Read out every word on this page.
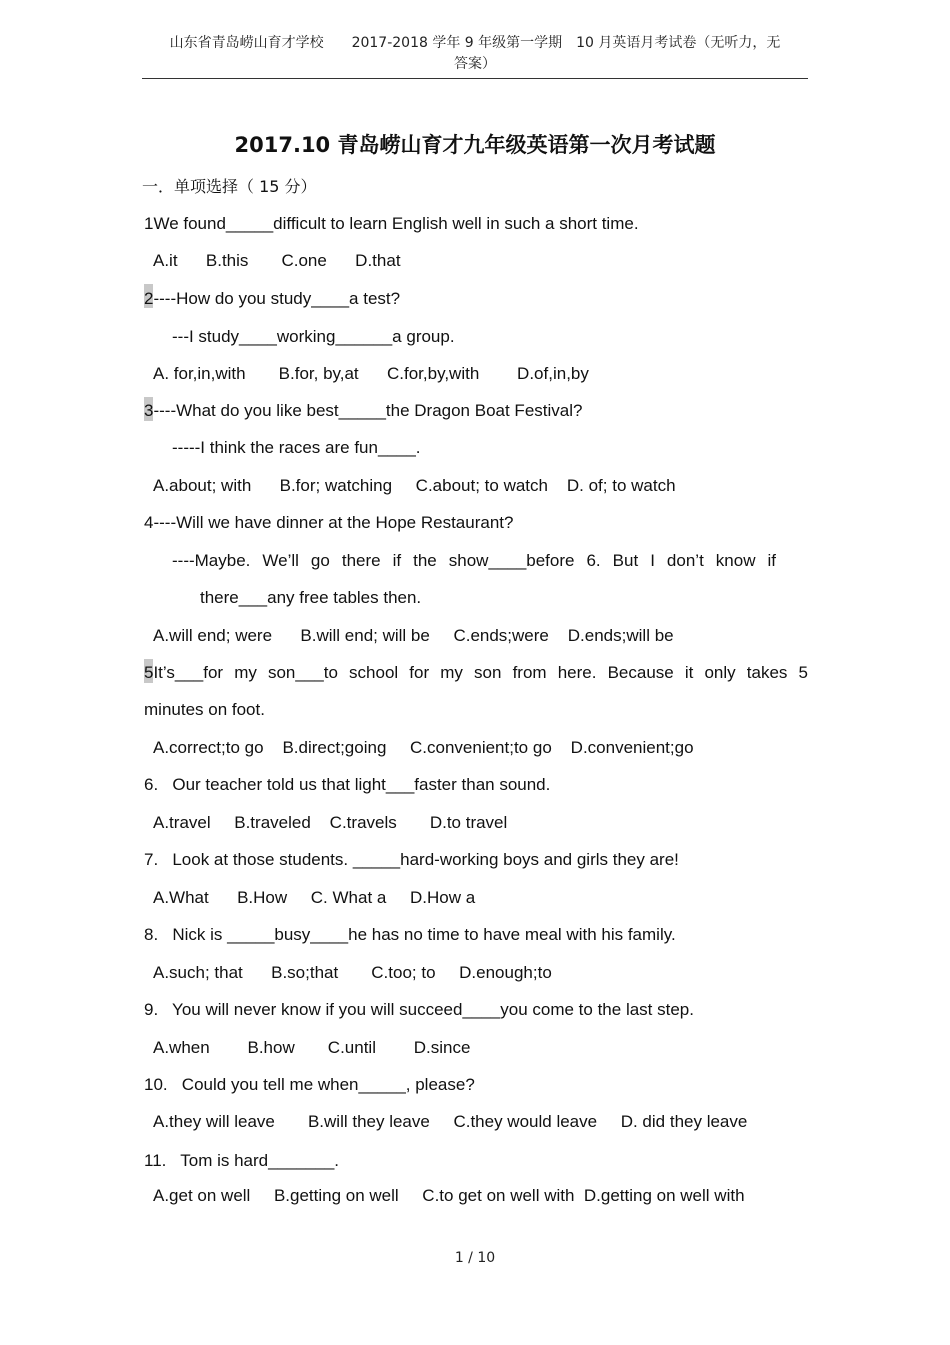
山东省青岛崂山育才学校　　2017-2018 学年 9 年级第一学期　10 月英语月考试卷（无听力，无
答案）
2017.10 青岛崂山育才九年级英语第一次月考试题
一．单项选择（ 15 分）
1We found_____difficult to learn English well in such a short time.
A.it      B.this       C.one      D.that
2----How do you study____a test?
---I study____working______a group.
A. for,in,with       B.for, by,at      C.for,by,with        D.of,in,by
3----What do you like best_____the Dragon Boat Festival?
-----I think the races are fun____.
A.about; with      B.for; watching     C.about; to watch    D. of; to watch
4----Will we have dinner at the Hope Restaurant?
----Maybe. We’ll go there if the show____before 6. But I don’t know if
there___any free tables then.
A.will end; were      B.will end; will be     C.ends;were    D.ends;will be
5It’s___for my son___to school for my son from here. Because it only takes 5
minutes on foot.
A.correct;to go    B.direct;going     C.convenient;to go    D.convenient;go
6.   Our teacher told us that light___faster than sound.
A.travel     B.traveled    C.travels       D.to travel
7.   Look at those students. _____hard-working boys and girls they are!
A.What      B.How     C. What a     D.How a
8.   Nick is _____busy____he has no time to have meal with his family.
A.such; that      B.so;that       C.too; to     D.enough;to
9.   You will never know if you will succeed____you come to the last step.
A.when        B.how       C.until        D.since
10.   Could you tell me when_____, please?
A.they will leave       B.will they leave     C.they would leave     D. did they leave
11.   Tom is hard_______.
A.get on well     B.getting on well     C.to get on well with  D.getting on well with
1 / 10
